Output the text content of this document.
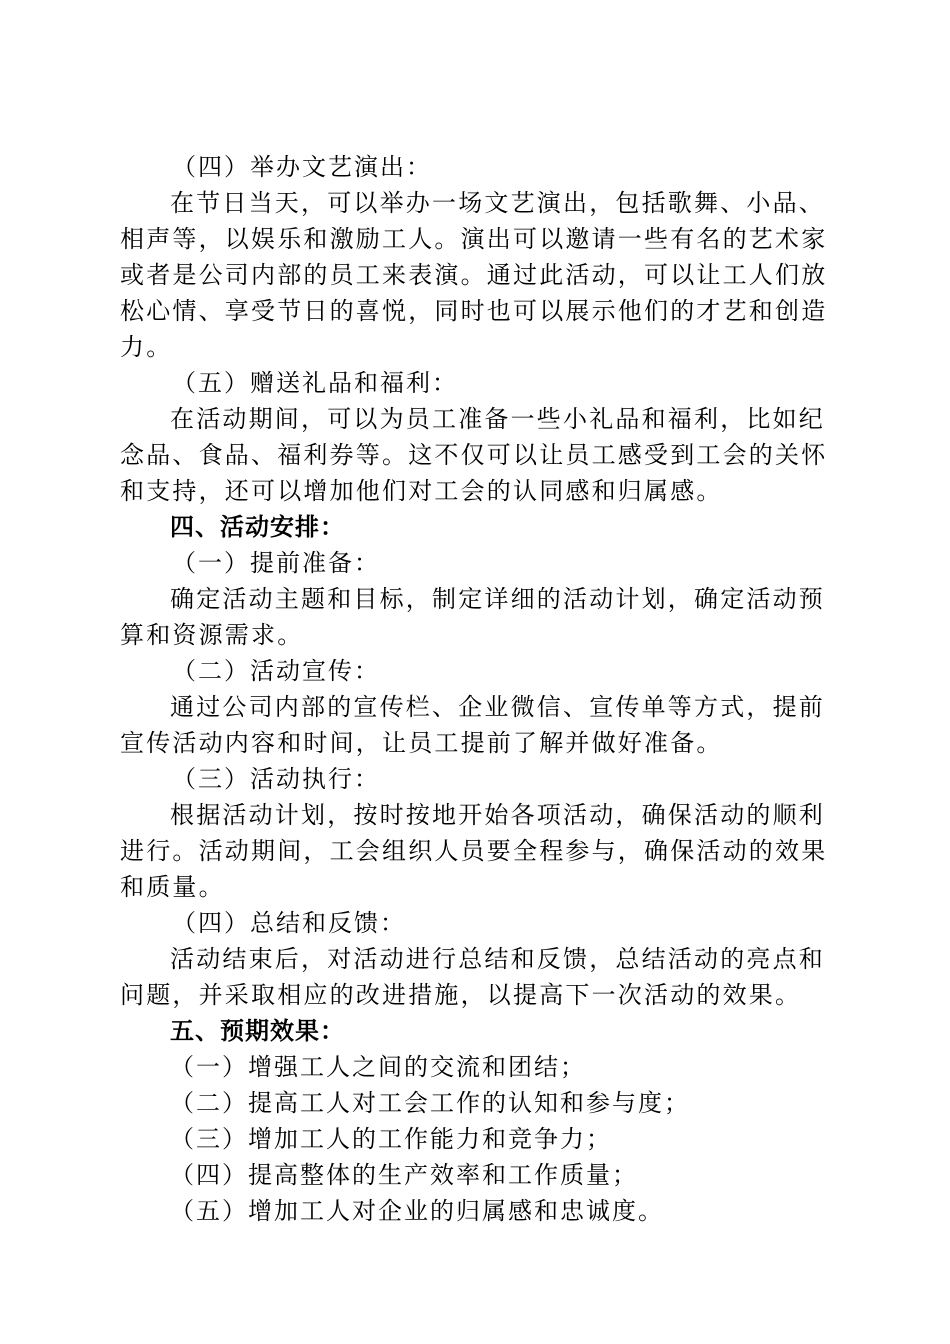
（四）举办文艺演出：
在节日当天，可以举办一场文艺演出，包括歌舞、小品、
相声等，以娱乐和激励工人。演出可以邀请一些有名的艺术家
或者是公司内部的员工来表演。通过此活动，可以让工人们放
松心情、享受节日的喜悦，同时也可以展示他们的才艺和创造
力。
（五）赠送礼品和福利：
在活动期间，可以为员工准备一些小礼品和福利，比如纪
念品、食品、福利券等。这不仅可以让员工感受到工会的关怀
和支持，还可以增加他们对工会的认同感和归属感。
四、活动安排：
（一）提前准备：
确定活动主题和目标，制定详细的活动计划，确定活动预
算和资源需求。
（二）活动宣传：
通过公司内部的宣传栏、企业微信、宣传单等方式，提前
宣传活动内容和时间，让员工提前了解并做好准备。
（三）活动执行：
根据活动计划，按时按地开始各项活动，确保活动的顺利
进行。活动期间，工会组织人员要全程参与，确保活动的效果
和质量。
（四）总结和反馈：
活动结束后，对活动进行总结和反馈，总结活动的亮点和
问题，并采取相应的改进措施，以提高下一次活动的效果。
五、预期效果：
（一）增强工人之间的交流和团结；
（二）提高工人对工会工作的认知和参与度；
（三）增加工人的工作能力和竞争力；
（四）提高整体的生产效率和工作质量；
（五）增加工人对企业的归属感和忠诚度。
